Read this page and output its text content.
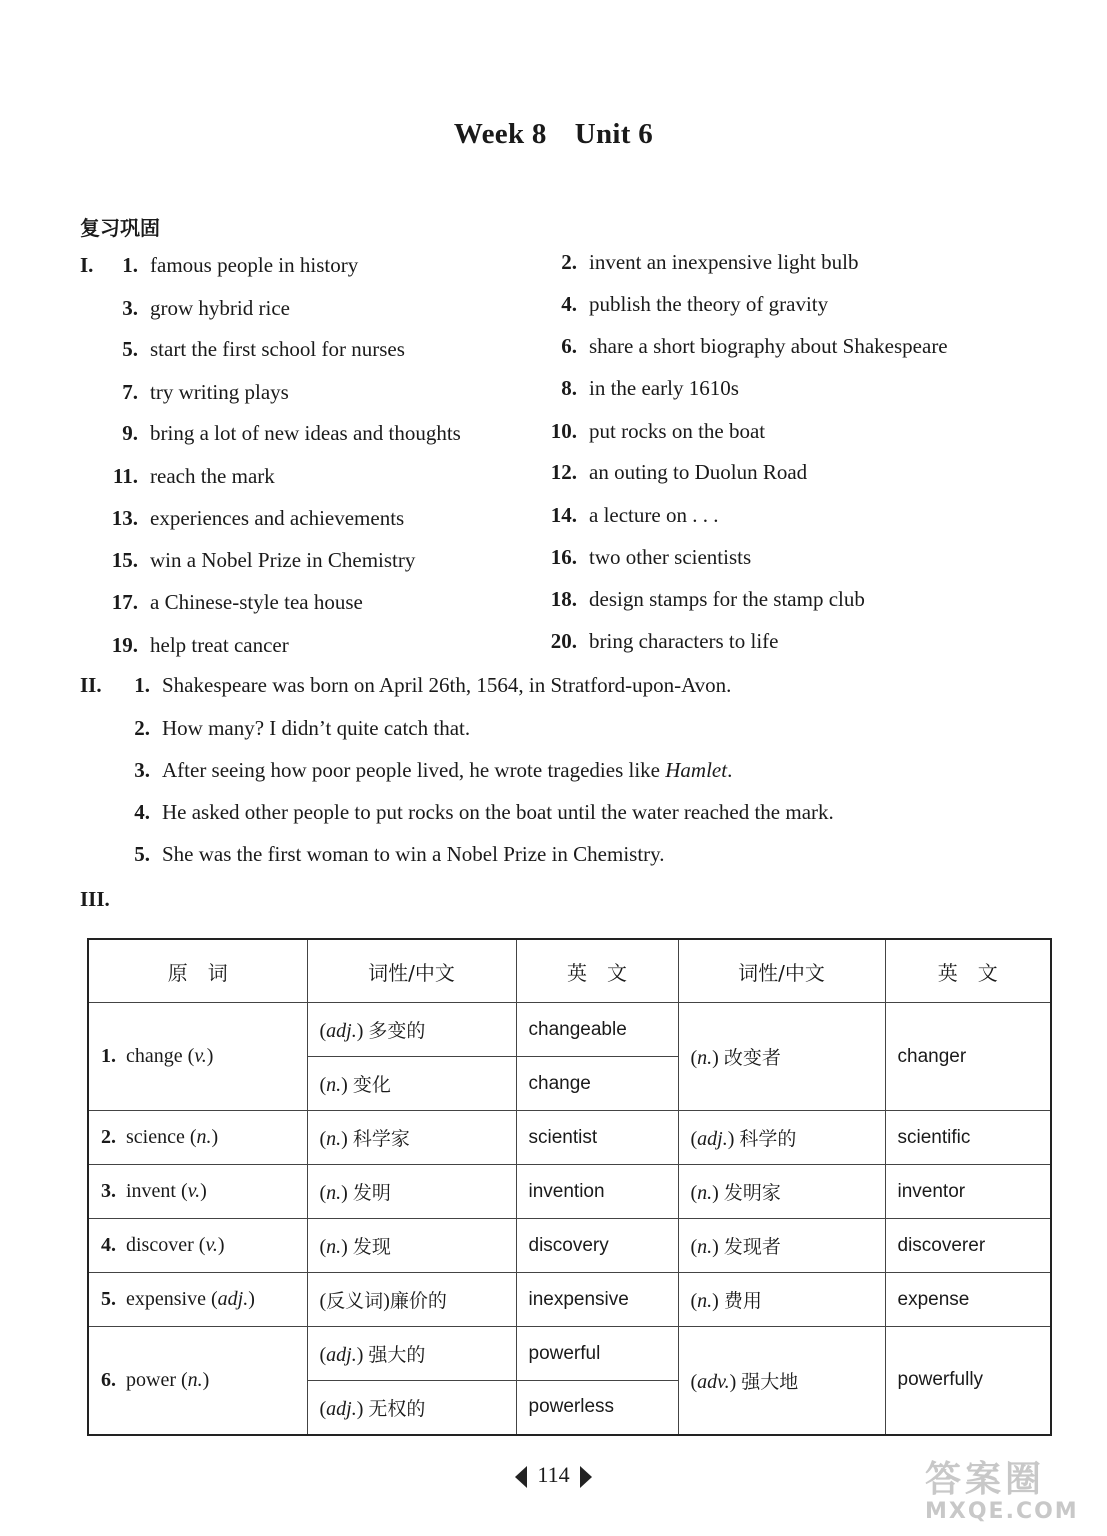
Week 8 Unit 6
复习巩固
I.	1. famous people in history	2. invent an inexpensive light bulb
3. grow hybrid rice	4. publish the theory of gravity
5. start the first school for nurses	6. share a short biography about Shakespeare
7. try writing plays	8. in the early 1610s
9. bring a lot of new ideas and thoughts	10. put rocks on the boat
11. reach the mark	12. an outing to Duolun Road
13. experiences and achievements	14. a lecture on . . .
15. win a Nobel Prize in Chemistry	16. two other scientists
17. a Chinese-style tea house	18. design stamps for the stamp club
19. help treat cancer	20. bring characters to life
II.	1. Shakespeare was born on April 26th, 1564, in Stratford-upon-Avon.
2. How many? I didn’t quite catch that.
3. After seeing how poor people lived, he wrote tragedies like Hamlet.
4. He asked other people to put rocks on the boat until the water reached the mark.
5. She was the first woman to win a Nobel Prize in Chemistry.
III.
原　词	词性/中文	英　文	词性/中文	英　文
1. change (v.)	(adj.) 多变的	changeable	(n.) 改变者	changer
	(n.) 变化	change		
2. science (n.)	(n.) 科学家	scientist	(adj.) 科学的	scientific
3. invent (v.)	(n.) 发明	invention	(n.) 发明家	inventor
4. discover (v.)	(n.) 发现	discovery	(n.) 发现者	discoverer
5. expensive (adj.)	(反义词)廉价的	inexpensive	(n.) 费用	expense
6. power (n.)	(adj.) 强大的	powerful	(adv.) 强大地	powerfully
	(adj.) 无权的	powerless		
114	答案圈
MXQE.COM
